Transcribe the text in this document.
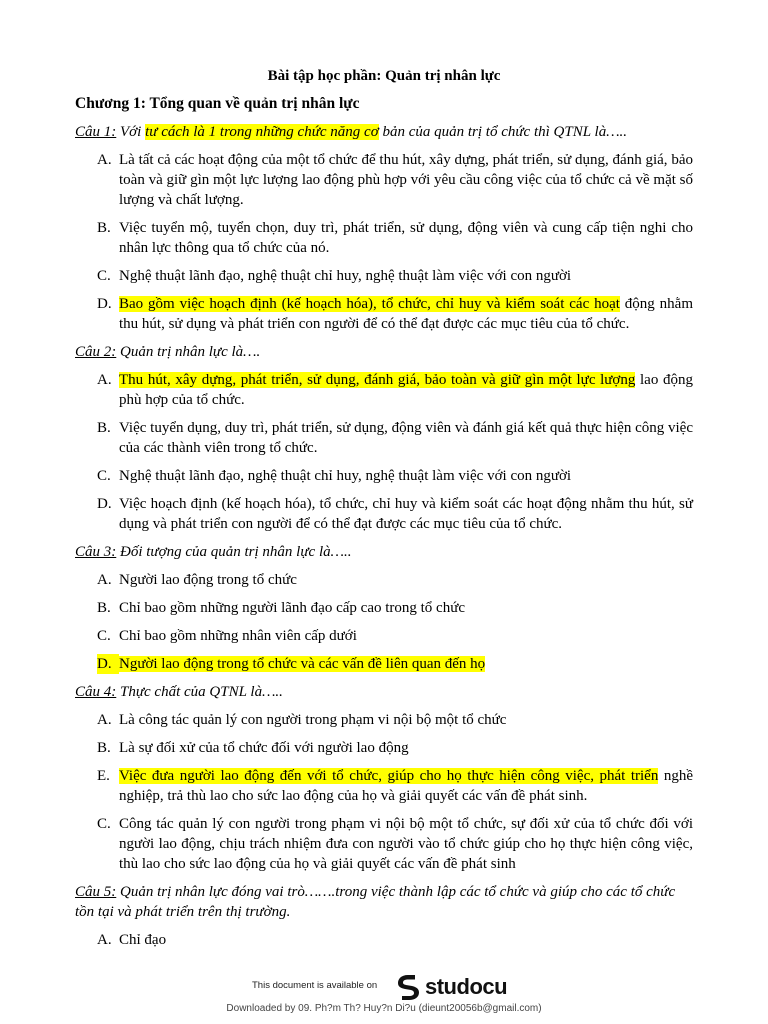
Bài tập học phần: Quản trị nhân lực
Chương 1: Tổng quan về quản trị nhân lực
Câu 1: Với tư cách là 1 trong những chức năng cơ bản của quản trị tổ chức thì QTNL là…..
A. Là tất cả các hoạt động của một tổ chức để thu hút, xây dựng, phát triển, sử dụng, đánh giá, bảo toàn và giữ gìn một lực lượng lao động phù hợp với yêu cầu công việc của tổ chức cả về mặt số lượng và chất lượng.
B. Việc tuyển mộ, tuyển chọn, duy trì, phát triển, sử dụng, động viên và cung cấp tiện nghi cho nhân lực thông qua tổ chức của nó.
C. Nghệ thuật lãnh đạo, nghệ thuật chỉ huy, nghệ thuật làm việc với con người
D. Bao gồm việc hoạch định (kế hoạch hóa), tổ chức, chỉ huy và kiểm soát các hoạt động nhằm thu hút, sử dụng và phát triển con người để có thể đạt được các mục tiêu của tổ chức.
Câu 2: Quản trị nhân lực là….
A. Thu hút, xây dựng, phát triển, sử dụng, đánh giá, bảo toàn và giữ gìn một lực lượng lao động phù hợp của tổ chức.
B. Việc tuyển dụng, duy trì, phát triển, sử dụng, động viên và đánh giá kết quả thực hiện công việc của các thành viên trong tổ chức.
C. Nghệ thuật lãnh đạo, nghệ thuật chỉ huy, nghệ thuật làm việc với con người
D. Việc hoạch định (kế hoạch hóa), tổ chức, chỉ huy và kiểm soát các hoạt động nhằm thu hút, sử dụng và phát triển con người để có thể đạt được các mục tiêu của tổ chức.
Câu 3: Đối tượng của quản trị nhân lực là…..
A. Người lao động trong tổ chức
B. Chỉ bao gồm những người lãnh đạo cấp cao trong tổ chức
C. Chỉ bao gồm những nhân viên cấp dưới
D. Người lao động trong tổ chức và các vấn đề liên quan đến họ
Câu 4: Thực chất của QTNL là…..
A. Là công tác quản lý con người trong phạm vi nội bộ một tổ chức
B. Là sự đối xử của tổ chức đối với người lao động
E. Việc đưa người lao động đến với tổ chức, giúp cho họ thực hiện công việc, phát triển nghề nghiệp, trả thù lao cho sức lao động của họ và giải quyết các vấn đề phát sinh.
C. Công tác quản lý con người trong phạm vi nội bộ một tổ chức, sự đối xử của tổ chức đối với người lao động, chịu trách nhiệm đưa con người vào tổ chức giúp cho họ thực hiện công việc, thù lao cho sức lao động của họ và giải quyết các vấn đề phát sinh
Câu 5: Quản trị nhân lực đóng vai trò…….trong việc thành lập các tổ chức và giúp cho các tổ chức tồn tại và phát triển trên thị trường.
A. Chỉ đạo
This document is available on studocu
Downloaded by 09. Ph?m Th? Huy?n Di?u (dieunt20056b@gmail.com)
